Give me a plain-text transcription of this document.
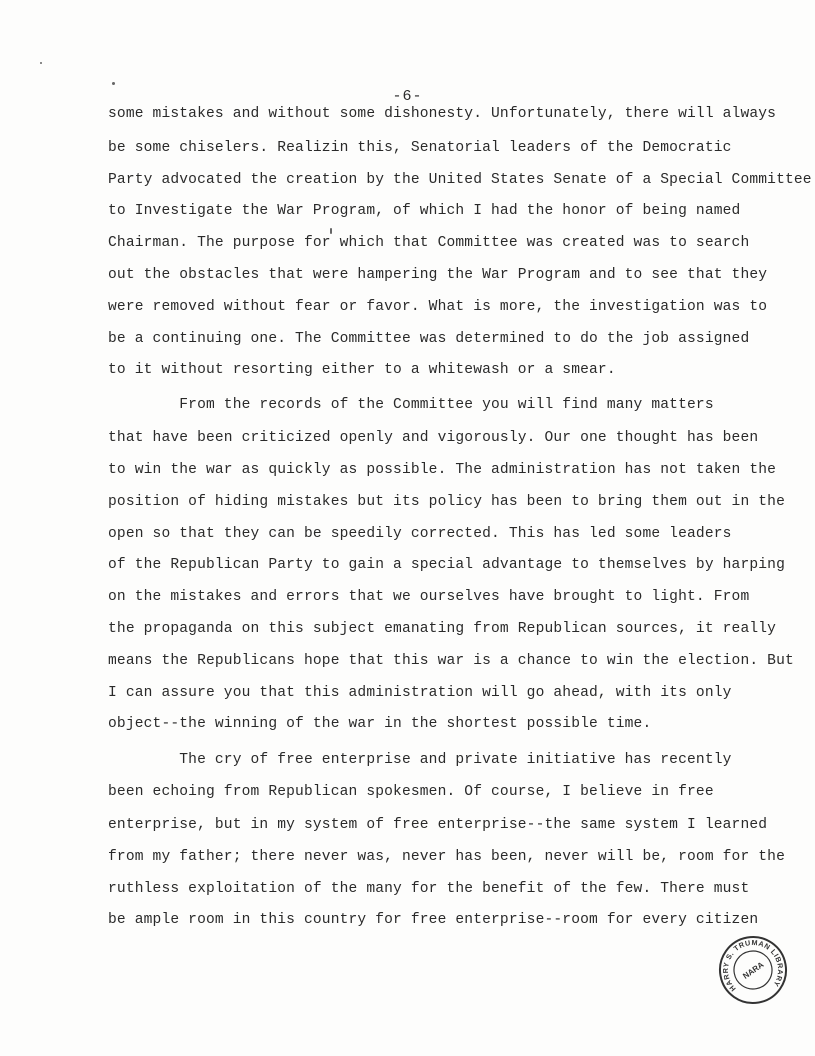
-6-
some mistakes and without some dishonesty. Unfortunately, there will always
be some chiselers. Realizin this, Senatorial leaders of the Democratic
Party advocated the creation by the United States Senate of a Special Committee
to Investigate the War Program, of which I had the honor of being named
Chairman. The purpose for which that Committee was created was to search
out the obstacles that were hampering the War Program and to see that they
were removed without fear or favor. What is more, the investigation was to
be a continuing one. The Committee was determined to do the job assigned
to it without resorting either to a whitewash or a smear.
From the records of the Committee you will find many matters
that have been criticized openly and vigorously. Our one thought has been
to win the war as quickly as possible. The administration has not taken the
position of hiding mistakes but its policy has been to bring them out in the
open so that they can be speedily corrected. This has led some leaders
of the Republican Party to gain a special advantage to themselves by harping
on the mistakes and errors that we ourselves have brought to light. From
the propaganda on this subject emanating from Republican sources, it really
means the Republicans hope that this war is a chance to win the election. But
I can assure you that this administration will go ahead, with its only
object--the winning of the war in the shortest possible time.
The cry of free enterprise and private initiative has recently
been echoing from Republican spokesmen. Of course, I believe in free
enterprise, but in my system of free enterprise--the same system I learned
from my father; there never was, never has been, never will be, room for the
ruthless exploitation of the many for the benefit of the few. There must
be ample room in this country for free enterprise--room for every citizen
HARRY S. TRUMAN LIBRARY
NARA
